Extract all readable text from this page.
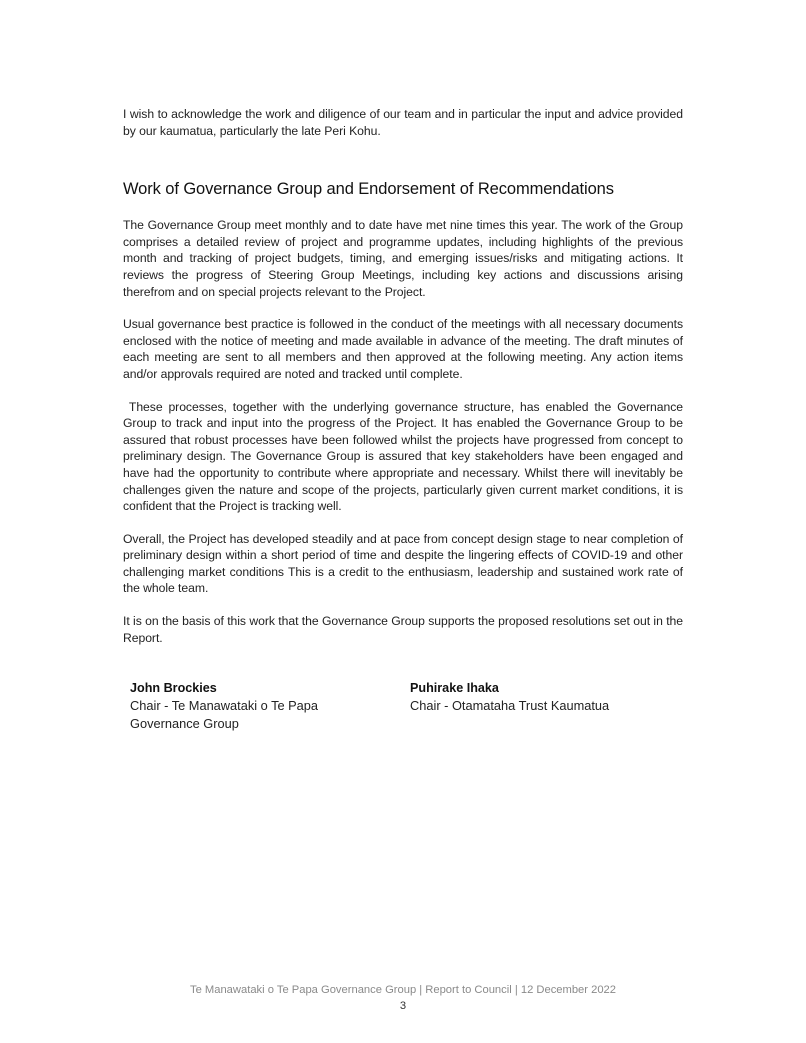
I wish to acknowledge the work and diligence of our team and in particular the input and advice provided by our kaumatua, particularly the late Peri Kohu.

Work of Governance Group and Endorsement of Recommendations

The Governance Group meet monthly and to date have met nine times this year. The work of the Group comprises a detailed review of project and programme updates, including highlights of the previous month and tracking of project budgets, timing, and emerging issues/risks and mitigating actions. It reviews the progress of Steering Group Meetings, including key actions and discussions arising therefrom and on special projects relevant to the Project.

Usual governance best practice is followed in the conduct of the meetings with all necessary documents enclosed with the notice of meeting and made available in advance of the meeting. The draft minutes of each meeting are sent to all members and then approved at the following meeting. Any action items and/or approvals required are noted and tracked until complete.

These processes, together with the underlying governance structure, has enabled the Governance Group to track and input into the progress of the Project. It has enabled the Governance Group to be assured that robust processes have been followed whilst the projects have progressed from concept to preliminary design. The Governance Group is assured that key stakeholders have been engaged and have had the opportunity to contribute where appropriate and necessary. Whilst there will inevitably be challenges given the nature and scope of the projects, particularly given current market conditions, it is confident that the Project is tracking well.

Overall, the Project has developed steadily and at pace from concept design stage to near completion of preliminary design within a short period of time and despite the lingering effects of COVID-19 and other challenging market conditions This is a credit to the enthusiasm, leadership and sustained work rate of the whole team.

It is on the basis of this work that the Governance Group supports the proposed resolutions set out in the Report.

John Brockies
Chair - Te Manawataki o Te Papa
Governance Group
Puhirake Ihaka
Chair - Otamataha Trust Kaumatua
Te Manawataki o Te Papa Governance Group | Report to Council | 12 December 2022
3
